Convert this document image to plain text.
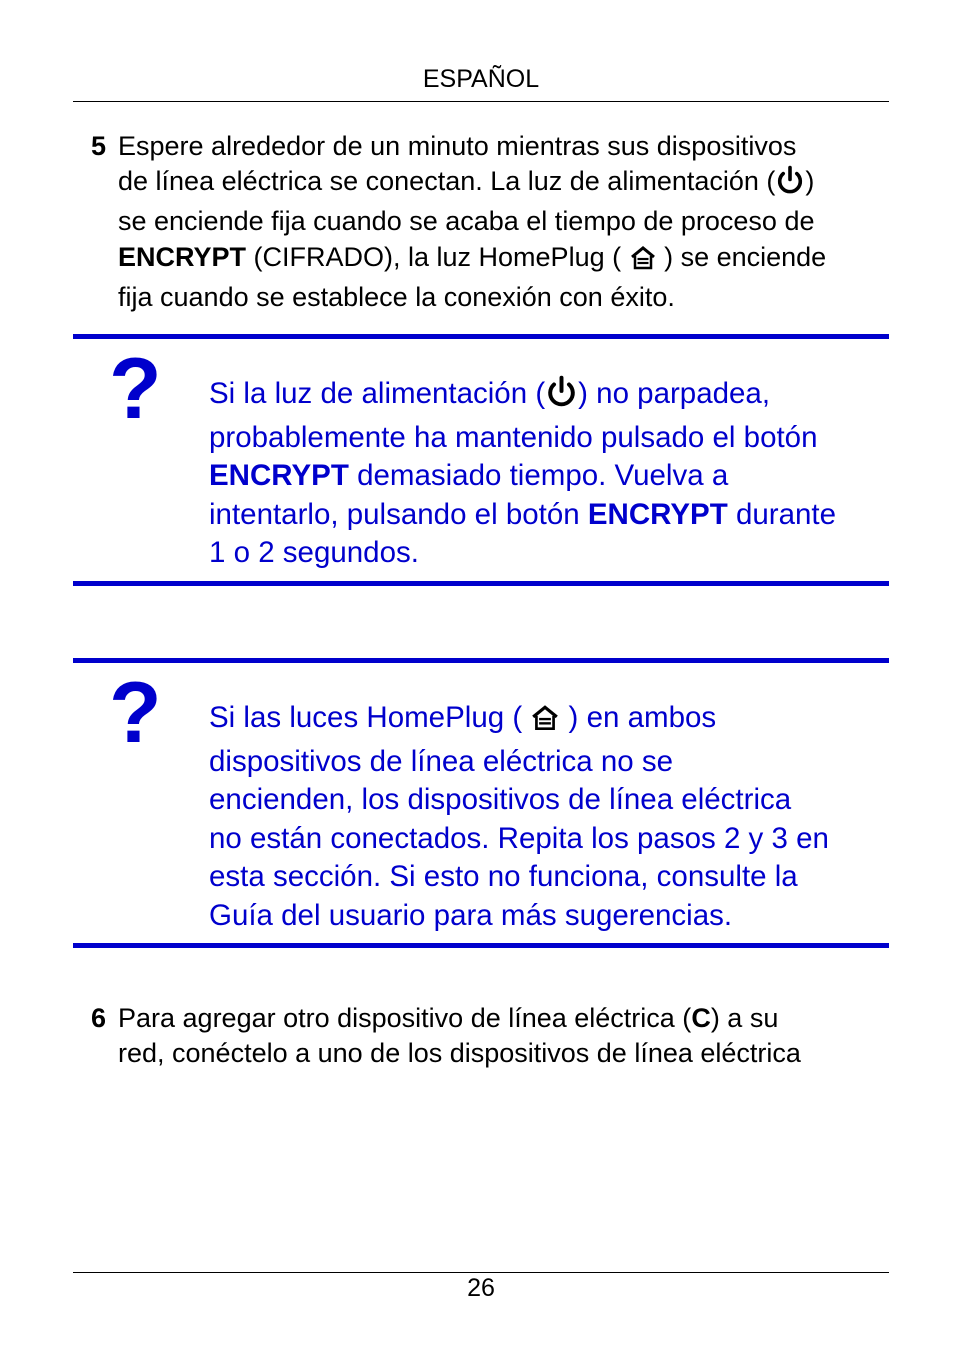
ESPAÑOL
5 Espere alrededor de un minuto mientras sus dispositivos
de línea eléctrica se conectan. La luz de alimentación ( )
se enciende fija cuando se acaba el tiempo de proceso de
ENCRYPT (CIFRADO), la luz HomePlug (  ) se enciende
fija cuando se establece la conexión con éxito.
? Si la luz de alimentación ( ) no parpadea,
probablemente ha mantenido pulsado el botón
ENCRYPT demasiado tiempo. Vuelva a
intentarlo, pulsando el botón ENCRYPT durante
1 o 2 segundos.
? Si las luces HomePlug (  ) en ambos
dispositivos de línea eléctrica no se
encienden, los dispositivos de línea eléctrica
no están conectados. Repita los pasos 2 y 3 en
esta sección. Si esto no funciona, consulte la
Guía del usuario para más sugerencias.
6 Para agregar otro dispositivo de línea eléctrica (C) a su
red, conéctelo a uno de los dispositivos de línea eléctrica
26
